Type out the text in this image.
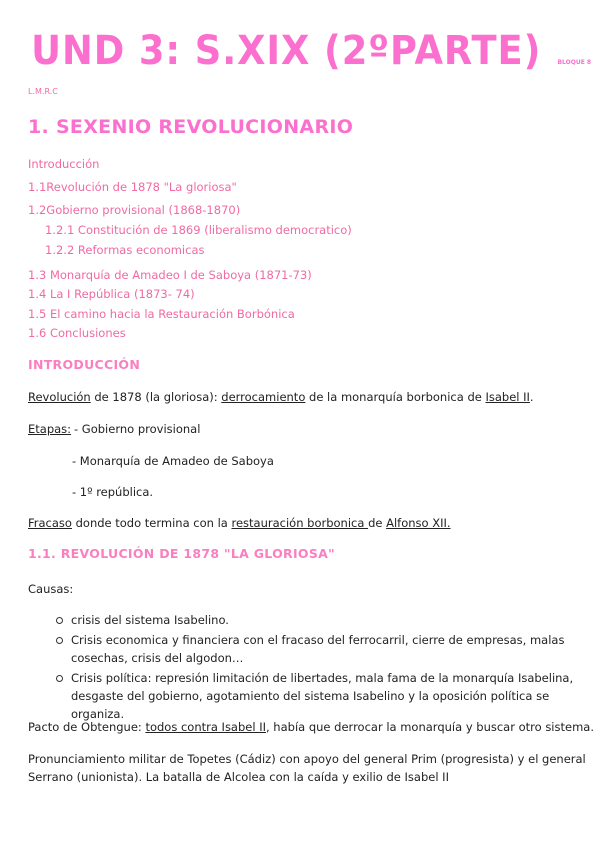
UND 3: S.XIX (2ºPARTE)	BLOQUE 8
L.M.R.C
1. SEXENIO REVOLUCIONARIO
Introducción
1.1Revolución de 1878 "La gloriosa"
1.2Gobierno provisional (1868-1870)
1.2.1 Constitución de 1869 (liberalismo democratico)
1.2.2 Reformas economicas
1.3 Monarquía de Amadeo I de Saboya (1871-73)
1.4 La I República (1873- 74)
1.5 El camino hacia la Restauración Borbónica
1.6 Conclusiones
INTRODUCCIÓN
Revolución de 1878 (la gloriosa): derrocamiento de la monarquía borbonica de Isabel II.
Etapas: - Gobierno provisional
- Monarquía de Amadeo de Saboya
- 1º república.
Fracaso donde todo termina con la restauración borbonica de Alfonso XII.
1.1. REVOLUCIÓN DE 1878 "LA GLORIOSA"
Causas:
crisis del sistema Isabelino.
Crisis economica y financiera con el fracaso del ferrocarril, cierre de empresas, malas cosechas, crisis del algodon…
Crisis política: represión limitación de libertades, mala fama de la monarquía Isabelina, desgaste del gobierno, agotamiento del sistema Isabelino y la oposición política se organiza.
Pacto de Obtengue: todos contra Isabel II, había que derrocar la monarquía y buscar otro sistema.
Pronunciamiento militar de Topetes (Cádiz) con apoyo del general Prim (progresista) y el general
Serrano (unionista). La batalla de Alcolea con la caída y exilio de Isabel II
